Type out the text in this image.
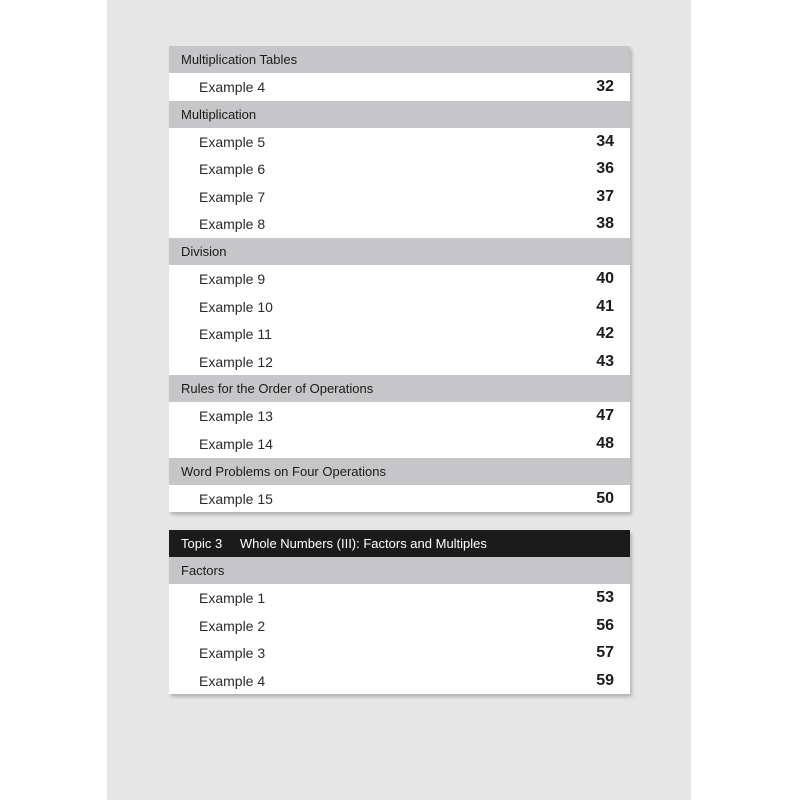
Multiplication Tables
Example 4	32
Multiplication
Example 5	34
Example 6	36
Example 7	37
Example 8	38
Division
Example 9	40
Example 10	41
Example 11	42
Example 12	43
Rules for the Order of Operations
Example 13	47
Example 14	48
Word Problems on Four Operations
Example 15	50
Topic 3 Whole Numbers (III): Factors and Multiples
Factors
Example 1	53
Example 2	56
Example 3	57
Example 4	59
